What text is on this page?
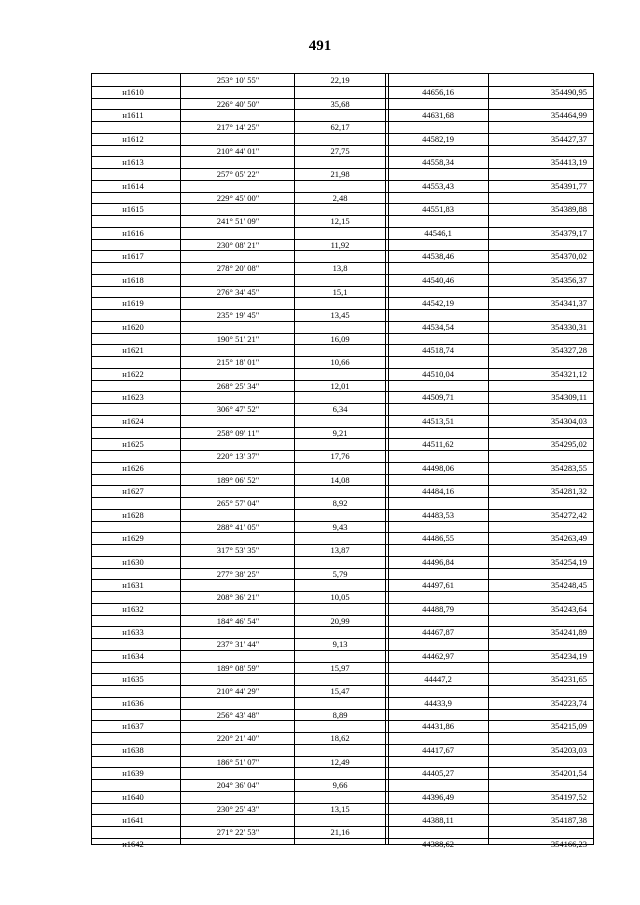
491
253° 10' 55"	22,19
н1610	44656,16	354490,95
226° 40' 50"	35,68
н1611	44631,68	354464,99
217° 14' 25"	62,17
н1612	44582,19	354427,37
210° 44' 01"	27,75
н1613	44558,34	354413,19
257° 05' 22"	21,98
н1614	44553,43	354391,77
229° 45' 00"	2,48
н1615	44551,83	354389,88
241° 51' 09"	12,15
н1616	44546,1	354379,17
230° 08' 21"	11,92
н1617	44538,46	354370,02
278° 20' 08"	13,8
н1618	44540,46	354356,37
276° 34' 45"	15,1
н1619	44542,19	354341,37
235° 19' 45"	13,45
н1620	44534,54	354330,31
190° 51' 21"	16,09
н1621	44518,74	354327,28
215° 18' 01"	10,66
н1622	44510,04	354321,12
268° 25' 34"	12,01
н1623	44509,71	354309,11
306° 47' 52"	6,34
н1624	44513,51	354304,03
258° 09' 11"	9,21
н1625	44511,62	354295,02
220° 13' 37"	17,76
н1626	44498,06	354283,55
189° 06' 52"	14,08
н1627	44484,16	354281,32
265° 57' 04"	8,92
н1628	44483,53	354272,42
288° 41' 05"	9,43
н1629	44486,55	354263,49
317° 53' 35"	13,87
н1630	44496,84	354254,19
277° 38' 25"	5,79
н1631	44497,61	354248,45
208° 36' 21"	10,05
н1632	44488,79	354243,64
184° 46' 54"	20,99
н1633	44467,87	354241,89
237° 31' 44"	9,13
н1634	44462,97	354234,19
189° 08' 59"	15,97
н1635	44447,2	354231,65
210° 44' 29"	15,47
н1636	44433,9	354223,74
256° 43' 48"	8,89
н1637	44431,86	354215,09
220° 21' 40"	18,62
н1638	44417,67	354203,03
186° 51' 07"	12,49
н1639	44405,27	354201,54
204° 36' 04"	9,66
н1640	44396,49	354197,52
230° 25' 43"	13,15
н1641	44388,11	354187,38
271° 22' 53"	21,16
н1642	44388,62	354166,23
